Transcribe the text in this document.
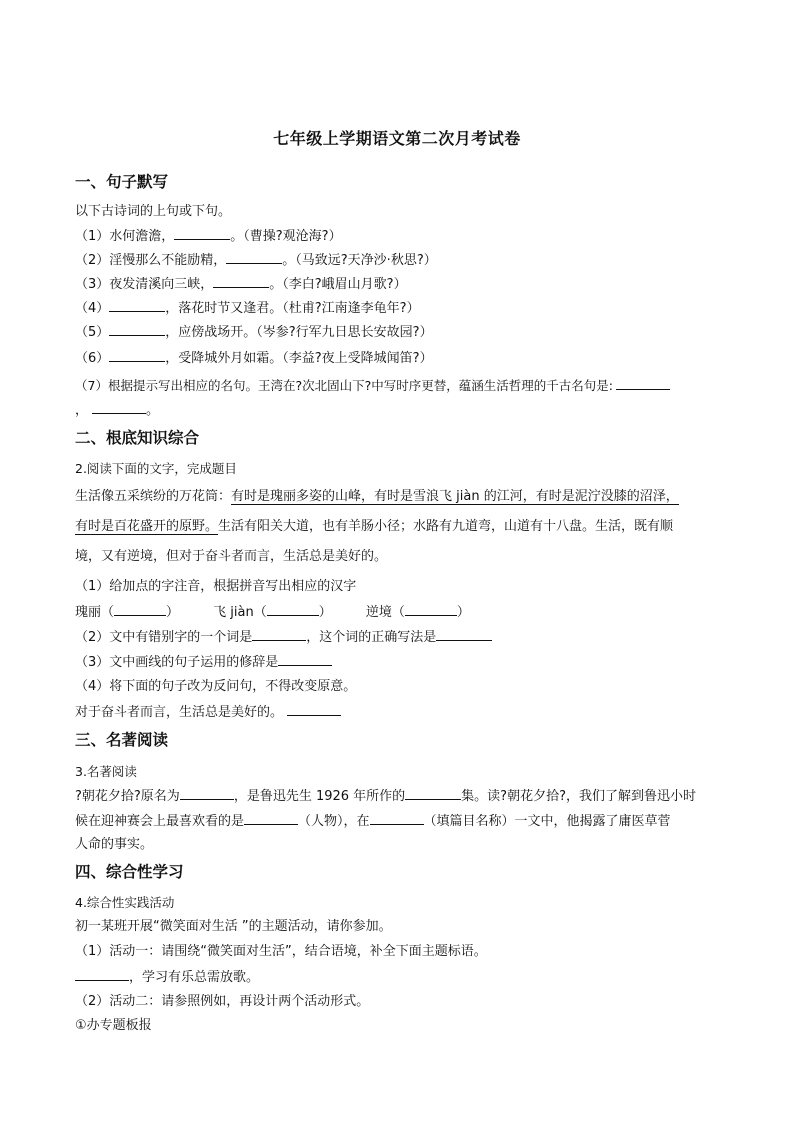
七年级上学期语文第二次月考试卷
一、句子默写
以下古诗词的上句或下句。
（1）水何澹澹，	。（曹操?观沧海?）
（2）淫慢那么不能励精，	。（马致远?天净沙·秋思?）
（3）夜发清溪向三峡，	。（李白?峨眉山月歌?）
（4）	，落花时节又逢君。（杜甫?江南逢李龟年?）
（5）	，应傍战场开。（岑参?行军九日思长安故园?）
（6）	，受降城外月如霜。（李益?夜上受降城闻笛?）
（7）根据提示写出相应的名句。王湾在?次北固山下?中写时序更替，蕴涵生活哲理的千古名句是:
，	。
二、根底知识综合
2.阅读下面的文字，完成题目
生活像五采缤纷的万花筒：有时是瑰丽多姿的山峰，有时是雪浪飞 jiàn 的江河，有时是泥泞没膝的沼泽，
有时是百花盛开的原野。生活有阳关大道，也有羊肠小径；水路有九道弯，山道有十八盘。生活，既有顺
境，又有逆境，但对于奋斗者而言，生活总是美好的。
（1）给加点的字注音，根据拼音写出相应的汉字
瑰丽（	）	飞 jiàn（	）	逆境（	）
（2）文中有错别字的一个词是	，这个词的正确写法是
（3）文中画线的句子运用的修辞是
（4）将下面的句子改为反问句，不得改变原意。
对于奋斗者而言，生活总是美好的。
三、名著阅读
3.名著阅读
?朝花夕拾?原名为	，是鲁迅先生 1926 年所作的	集。读?朝花夕拾?，我们了解到鲁迅小时
候在迎神赛会上最喜欢看的是	（人物），在	（填篇目名称）一文中，他揭露了庸医草菅
人命的事实。
四、综合性学习
4.综合性实践活动
初一某班开展“微笑面对生活 ”的主题活动，请你参加。
（1）活动一：请围绕“微笑面对生活”，结合语境，补全下面主题标语。
，学习有乐总需放歌。
（2）活动二：请参照例如，再设计两个活动形式。
①办专题板报
